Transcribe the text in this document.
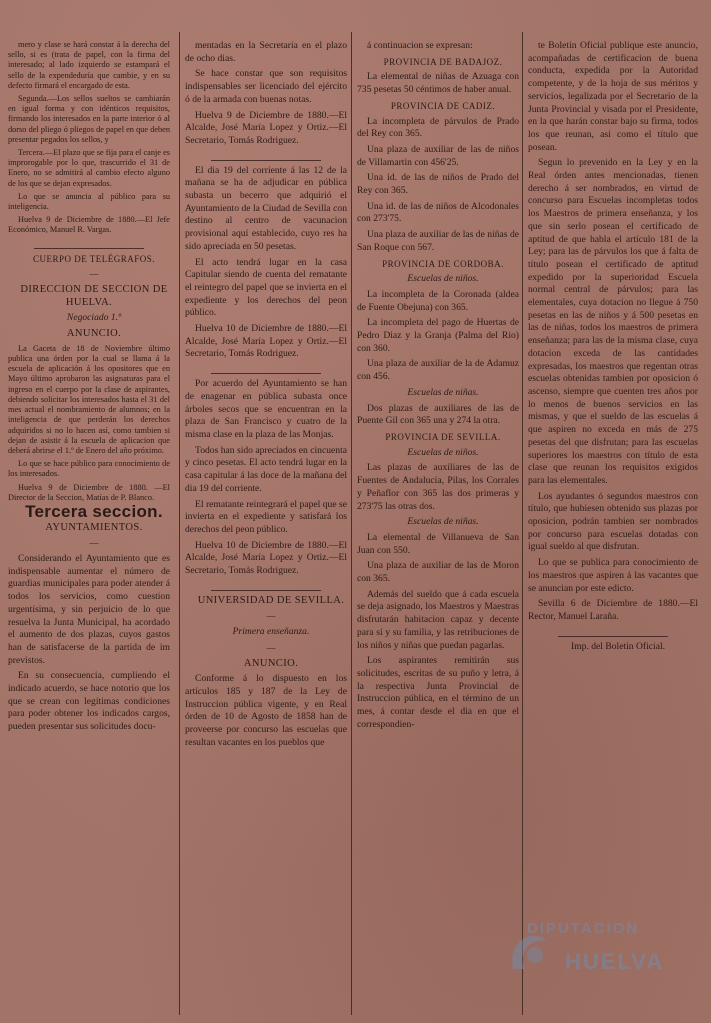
mero y clase se hará constar á la derecha del sello, si es (trata de papel, con la firma del interesado; al lado izquierdo se estampará el sello de la expendeduría que cambie, y en su defecto firmará el encargado de esta.

Segunda.—Los sellos sueltos se cambiarán en igual forma y con idénticos requisitos, firmando los interesados en la parte interior ó al dorso del pliego ó pliegos de papel en que deben presentar pegados los sellos, y

Tercera.—El plazo que se fija para el canje es improrogable por lo que, trascurrido el 31 de Enero, no se admitirá al cambio efecto alguno de los que se dejan expresados.

Lo que se anuncia al público para su inteligencia.

Huelva 9 de Diciembre de 1880.—El Jefe Económico, Manuel R. Vargas.

CUERPO DE TELÉGRAFOS.

—

DIRECCION DE SECCION DE HUELVA.

Negociado 1.º

ANUNCIO.

La Gaceta de 18 de Noviembre último publica una órden por la cual se llama á la escuela de aplicación á los opositores que en Mayo último aprobaron las asignaturas para el ingreso en el cuerpo por la clase de aspirantes, debiendo solicitar los interesados hasta el 31 del mes actual el nombramiento de alumnos; en la inteligencia de que perderán los derechos adquiridos si no lo hacen así, como tambien si dejan de asistir á la escuela de aplicacion que deberá abrirse el 1.º de Enero del año próximo.

Lo que se hace público para conocimiento de los interesados.

Huelva 9 de Diciembre de 1880. —El Director de la Seccion, Matías de P. Blanco.

Tercera seccion.

AYUNTAMIENTOS.

—

Considerando el Ayuntamiento que es indispensable aumentar el número de guardias municipales para poder atender á todos los servicios, como cuestion urgentísima, y sin perjuicio de lo que resuelva la Junta Municipal, ha acordado el aumento de dos plazas, cuyos gastos han de satisfacerse de la partida de im previstos.

En su consecuencia, cumpliendo el indicado acuerdo, se hace notorio que los que se crean con legítimas condiciones para poder obtener los indicados cargos, pueden presentar sus solicitudes docu-

mentadas en la Secretaría en el plazo de ocho dias.

Se hace constar que son requisitos indispensables ser licenciado del ejército ó de la armada con buenas notas.

Huelva 9 de Diciembre de 1880.—El Alcalde, José María Lopez y Ortiz.—El Secretario, Tomás Rodriguez.

El dia 19 del corriente á las 12 de la mañana se ha de adjudicar en pública subasta un becerro que adquirió el Ayuntamiento de la Ciudad de Sevilla con destino al centro de vacunacion provisional aquí establecido, cuyo res ha sido apreciada en 50 pesetas.

El acto tendrá lugar en la casa Capitular siendo de cuenta del rematante el reintegro del papel que se invierta en el expediente y los derechos del peon público.

Huelva 10 de Diciembre de 1880.—El Alcalde, José María Lopez y Ortiz.—El Secretario, Tomás Rodriguez.

Por acuerdo del Ayuntamiento se han de enagenar en pública subasta once árboles secos que se encuentran en la plaza de San Francisco y cuatro de la misma clase en la plaza de las Monjas.

Todos han sido apreciados en cincuenta y cinco pesetas. El acto tendrá lugar en la casa capitular á las doce de la mañana del dia 19 del corriente.

El rematante reintegrará el papel que se invierta en el expediente y satisfará los derechos del peon público.

Huelva 10 de Diciembre de 1880.—El Alcalde, José María Lopez y Ortiz.—El Secretario, Tomás Rodriguez.

UNIVERSIDAD DE SEVILLA.

—

Primera enseñanza.

—

ANUNCIO.

Conforme á lo dispuesto en los artículos 185 y 187 de la Ley de Instruccion pública vigente, y en Real órden de 10 de Agosto de 1858 han de proveerse por concurso las escuelas que resultan vacantes en los pueblos que

á continuacion se expresan:

PROVINCIA DE BADAJOZ.

La elemental de niñas de Azuaga con 735 pesetas 50 céntimos de haber anual.

PROVINCIA DE CADIZ.

La incompleta de párvulos de Prado del Rey con 365.

Una plaza de auxiliar de las de niños de Villamartin con 456'25.

Una id. de las de niños de Prado del Rey con 365.

Una id. de las de niños de Alcodonales con 273'75.

Una plaza de auxiliar de las de niñas de San Roque con 567.

PROVINCIA DE CORDOBA.

Escuelas de niños.

La incompleta de la Coronada (aldea de Fuente Obejuna) con 365.

La incompleta del pago de Huertas de Pedro Diaz y la Granja (Palma del Rio) con 360.

Una plaza de auxiliar de la de Adamuz con 456.

Escuelas de niñas.

Dos plazas de auxiliares de las de Puente Gil con 365 una y 274 la otra.

PROVINCIA DE SEVILLA.

Escuelas de niños.

Las plazas de auxiliares de las de Fuentes de Andalucía, Pilas, los Corrales y Peñaflor con 365 las dos primeras y 273'75 las otras dos.

Escuelas de niñas.

La elemental de Villanueva de San Juan con 550.

Una plaza de auxiliar de las de Moron con 365.

Además del sueldo que á cada escuela se deja asignado, los Maestros y Maestras disfrutarán habitacion capaz y decente para sí y su familia, y las retribuciones de los niños y niñas que puedan pagarlas.

Los aspirantes remitirán sus solicitudes, escritas de su puño y letra, á la respectiva Junta Provincial de Instruccion pública, en el término de un mes, á contar desde el dia en que el correspondien-

te Boletin Oficial publique este anuncio, acompañadas de certificacion de buena conducta, expedida por la Autoridad competente, y de la hoja de sus méritos y servicios, legalizada por el Secretario de la Junta Provincial y visada por el Presidente, en la que harán constar bajo su firma, todos los que reunan, así como el título que posean.

Segun lo prevenido en la Ley y en la Real órden antes mencionadas, tienen derecho á ser nombrados, en virtud de concurso para Escuelas incompletas todos los Maestros de primera enseñanza, y los que sin serlo posean el certificado de aptitud de que habla el artículo 181 de la Ley; para las de párvulos los que á falta de título posean el certificado de aptitud expedido por la superioridad Escuela normal central de párvulos; para las elementales, cuya dotacion no llegue á 750 pesetas en las de niños y á 500 pesetas en las de niñas, todos los maestros de primera enseñanza; para las de la misma clase, cuya dotacion exceda de las cantidades expresadas, los maestros que regentan otras escuelas obtenidas tambien por oposicion ó ascenso, siempre que cuenten tres años por lo menos de buenos servicios en las mismas, y que el sueldo de las escuelas á que aspiren no exceda en más de 275 pesetas del que disfrutan; para las escuelas superiores los maestros con título de esta clase que reunan los requisitos exigidos para las elementales.

Los ayudantes ó segundos maestros con título, que hubiesen obtenido sus plazas por oposicion, podrán tambien ser nombrados por concurso para escuelas dotadas con igual sueldo al que disfrutan.

Lo que se publica para conocimiento de los maestros que aspiren á las vacantes que se anuncian por este edicto.

Sevilla 6 de Diciembre de 1880.—El Rector, Manuel Laraña.

Imp. del Boletin Oficial.

DIPUTACION
HUELVA
